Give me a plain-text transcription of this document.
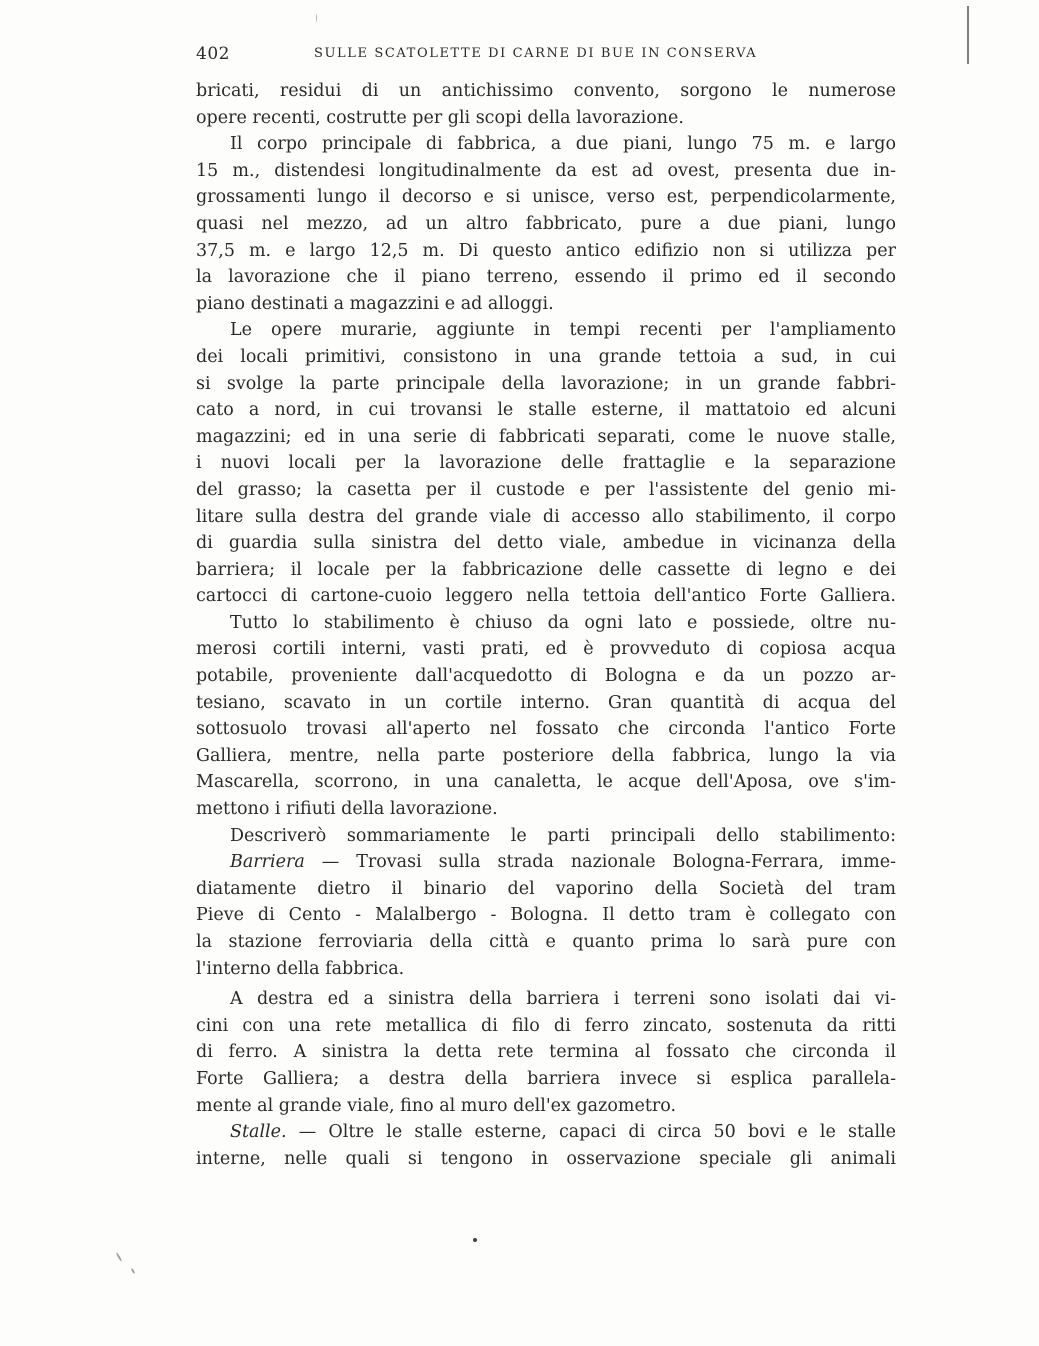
402	SULLE SCATOLETTE DI CARNE DI BUE IN CONSERVA
bricati, residui di un antichissimo convento, sorgono le numerose
opere recenti, costrutte per gli scopi della lavorazione.
Il corpo principale di fabbrica, a due piani, lungo 75 m. e largo
15 m., distendesi longitudinalmente da est ad ovest, presenta due in-
grossamenti lungo il decorso e si unisce, verso est, perpendicolarmente,
quasi nel mezzo, ad un altro fabbricato, pure a due piani, lungo
37,5 m. e largo 12,5 m. Di questo antico edifizio non si utilizza per
la lavorazione che il piano terreno, essendo il primo ed il secondo
piano destinati a magazzini e ad alloggi.
Le opere murarie, aggiunte in tempi recenti per l'ampliamento
dei locali primitivi, consistono in una grande tettoia a sud, in cui
si svolge la parte principale della lavorazione; in un grande fabbri-
cato a nord, in cui trovansi le stalle esterne, il mattatoio ed alcuni
magazzini; ed in una serie di fabbricati separati, come le nuove stalle,
i nuovi locali per la lavorazione delle frattaglie e la separazione
del grasso; la casetta per il custode e per l'assistente del genio mi-
litare sulla destra del grande viale di accesso allo stabilimento, il corpo
di guardia sulla sinistra del detto viale, ambedue in vicinanza della
barriera; il locale per la fabbricazione delle cassette di legno e dei
cartocci di cartone-cuoio leggero nella tettoia dell'antico Forte Galliera.
Tutto lo stabilimento è chiuso da ogni lato e possiede, oltre nu-
merosi cortili interni, vasti prati, ed è provveduto di copiosa acqua
potabile, proveniente dall'acquedotto di Bologna e da un pozzo ar-
tesiano, scavato in un cortile interno. Gran quantità di acqua del
sottosuolo trovasi all'aperto nel fossato che circonda l'antico Forte
Galliera, mentre, nella parte posteriore della fabbrica, lungo la via
Mascarella, scorrono, in una canaletta, le acque dell'Aposa, ove s'im-
mettono i rifiuti della lavorazione.
Descriverò sommariamente le parti principali dello stabilimento:
Barriera — Trovasi sulla strada nazionale Bologna-Ferrara, imme-
diatamente dietro il binario del vaporino della Società del tram
Pieve di Cento - Malalbergo - Bologna. Il detto tram è collegato con
la stazione ferroviaria della città e quanto prima lo sarà pure con
l'interno della fabbrica.
A destra ed a sinistra della barriera i terreni sono isolati dai vi-
cini con una rete metallica di filo di ferro zincato, sostenuta da ritti
di ferro. A sinistra la detta rete termina al fossato che circonda il
Forte Galliera; a destra della barriera invece si esplica parallela-
mente al grande viale, fino al muro dell'ex gazometro.
Stalle. — Oltre le stalle esterne, capaci di circa 50 bovi e le stalle
interne, nelle quali si tengono in osservazione speciale gli animali
